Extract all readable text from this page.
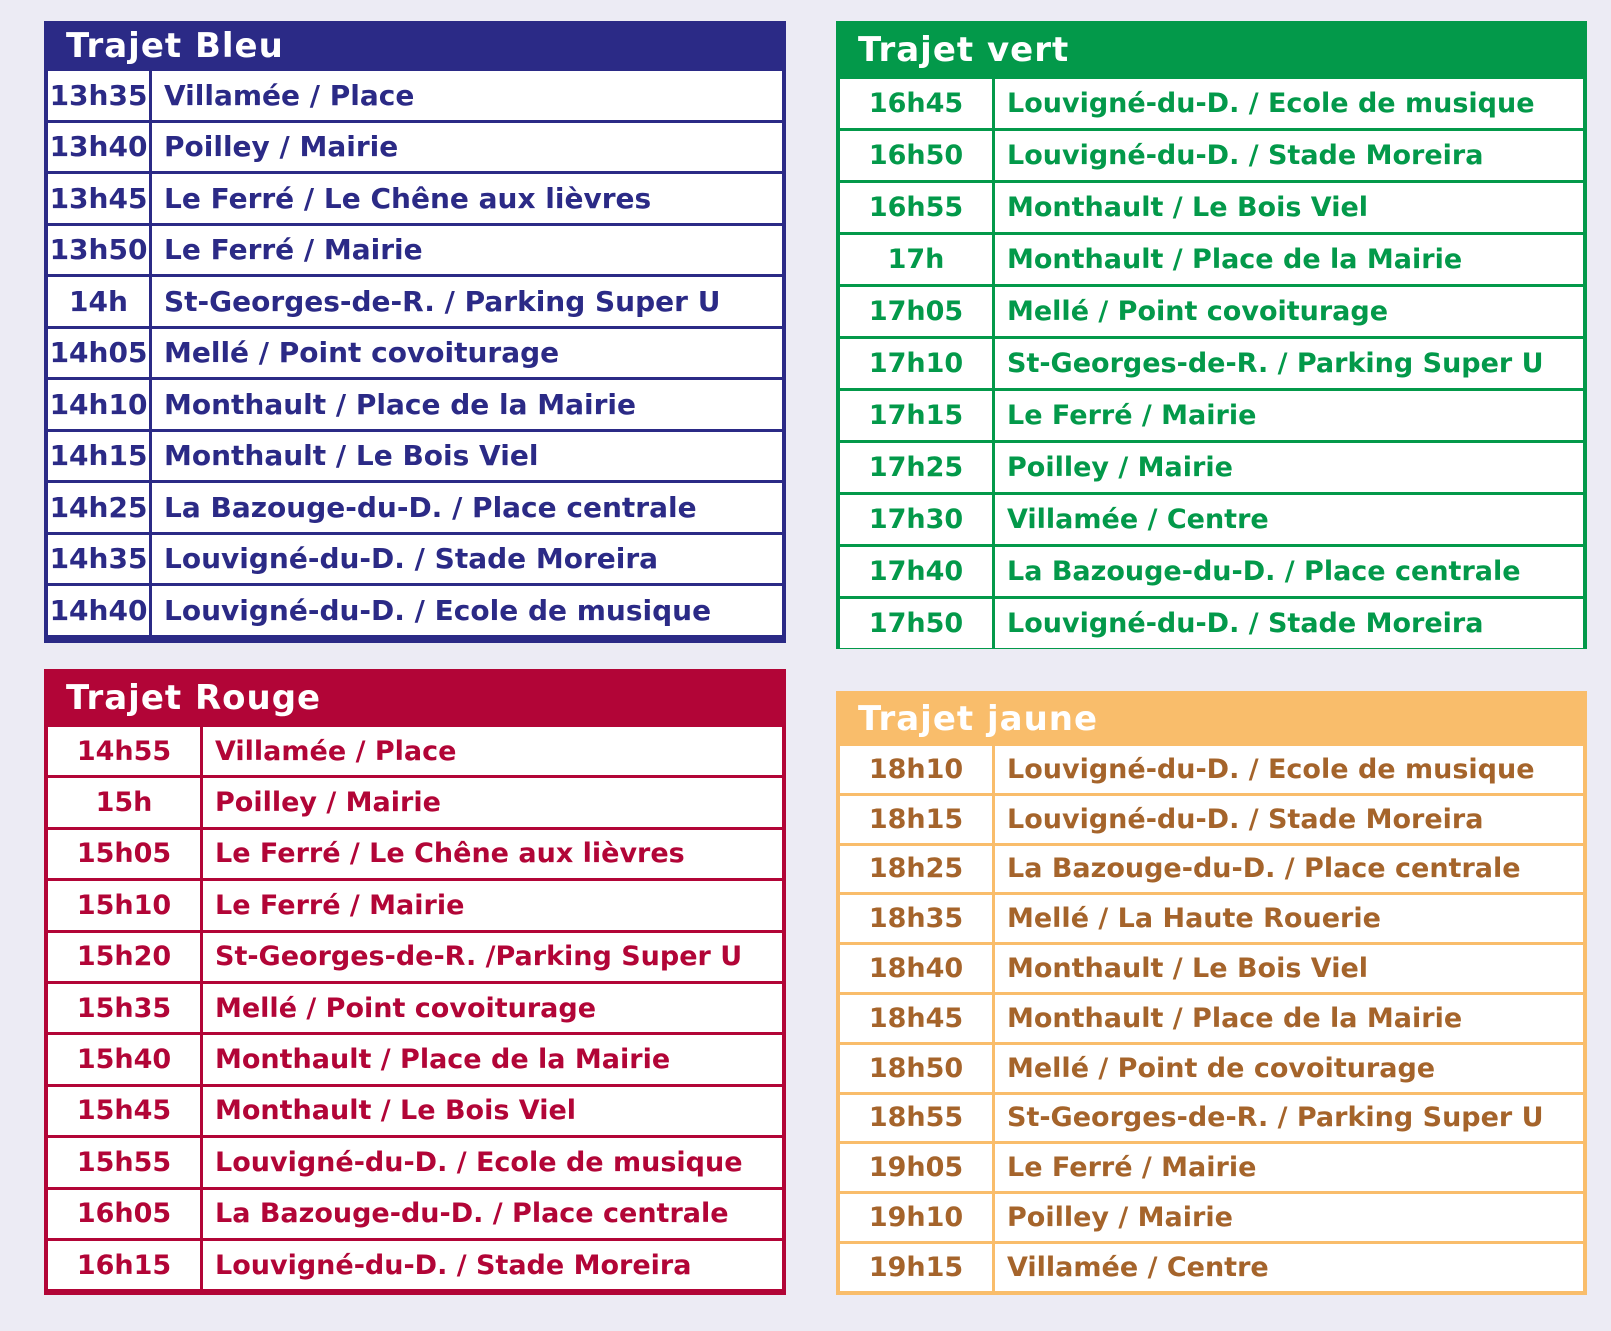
Trajet Bleu
13h35	Villamée / Place
13h40	Poilley / Mairie
13h45	Le Ferré / Le Chêne aux lièvres
13h50	Le Ferré / Mairie
14h	St-Georges-de-R. / Parking Super U
14h05	Mellé / Point covoiturage
14h10	Monthault / Place de la Mairie
14h15	Monthault / Le Bois Viel
14h25	La Bazouge-du-D. / Place centrale
14h35	Louvigné-du-D. / Stade Moreira
14h40	Louvigné-du-D. / Ecole de musique
Trajet vert
16h45	Louvigné-du-D. / Ecole de musique
16h50	Louvigné-du-D. / Stade Moreira
16h55	Monthault / Le Bois Viel
17h	Monthault / Place de la Mairie
17h05	Mellé / Point covoiturage
17h10	St-Georges-de-R. / Parking Super U
17h15	Le Ferré / Mairie
17h25	Poilley / Mairie
17h30	Villamée / Centre
17h40	La Bazouge-du-D. / Place centrale
17h50	Louvigné-du-D. / Stade Moreira
Trajet Rouge
14h55	Villamée / Place
15h	Poilley / Mairie
15h05	Le Ferré / Le Chêne aux lièvres
15h10	Le Ferré / Mairie
15h20	St-Georges-de-R. /Parking Super U
15h35	Mellé / Point covoiturage
15h40	Monthault / Place de la Mairie
15h45	Monthault / Le Bois Viel
15h55	Louvigné-du-D. / Ecole de musique
16h05	La Bazouge-du-D. / Place centrale
16h15	Louvigné-du-D. / Stade Moreira
Trajet jaune
18h10	Louvigné-du-D. / Ecole de musique
18h15	Louvigné-du-D. / Stade Moreira
18h25	La Bazouge-du-D. / Place centrale
18h35	Mellé / La Haute Rouerie
18h40	Monthault / Le Bois Viel
18h45	Monthault / Place de la Mairie
18h50	Mellé / Point de covoiturage
18h55	St-Georges-de-R. / Parking Super U
19h05	Le Ferré / Mairie
19h10	Poilley / Mairie
19h15	Villamée / Centre
